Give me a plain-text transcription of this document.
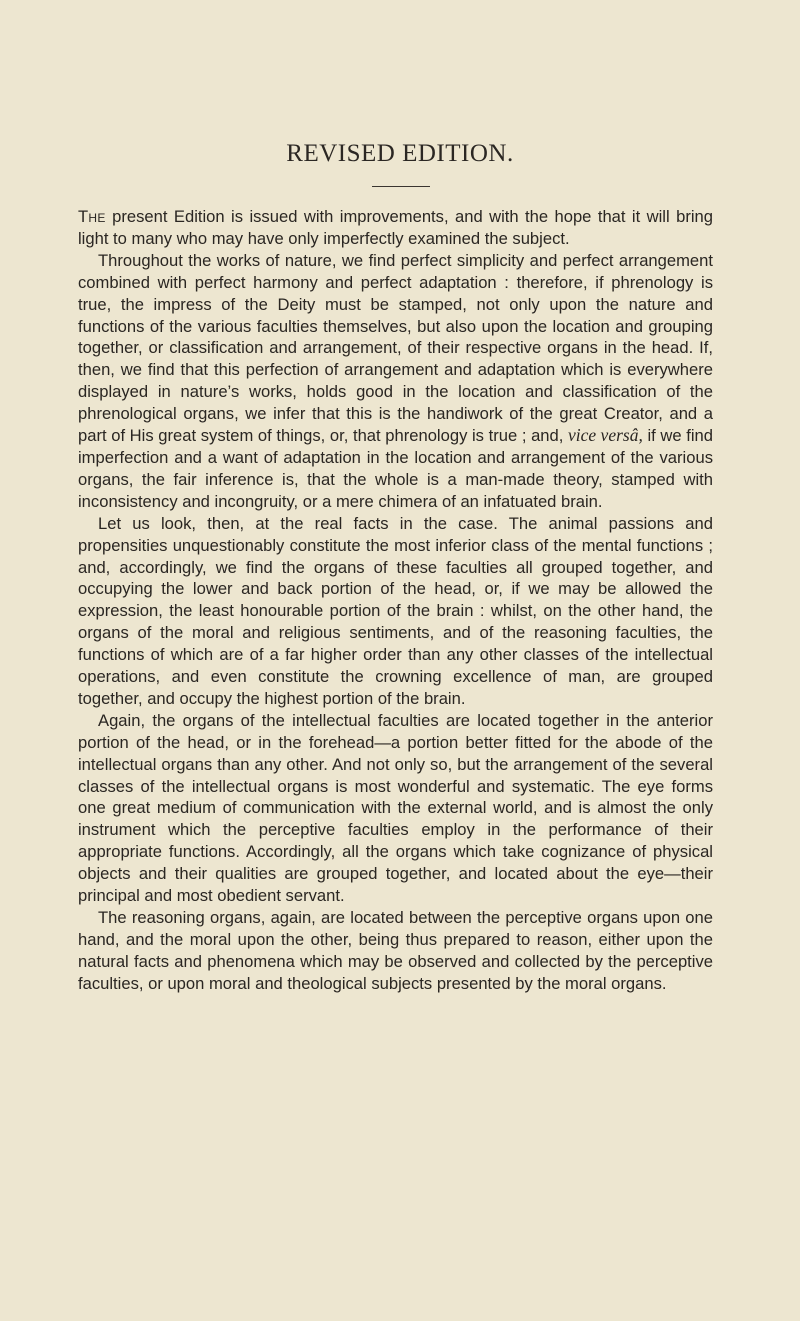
REVISED EDITION.

The present Edition is issued with improvements, and with the hope that it will bring light to many who may have only imperfectly examined the subject.

Throughout the works of nature, we find perfect simplicity and perfect arrangement combined with perfect harmony and perfect adaptation : therefore, if phrenology is true, the impress of the Deity must be stamped, not only upon the nature and functions of the various faculties themselves, but also upon the location and grouping together, or classification and arrangement, of their respective organs in the head. If, then, we find that this perfection of arrangement and adaptation which is everywhere displayed in nature’s works, holds good in the location and classification of the phrenological organs, we infer that this is the handiwork of the great Creator, and a part of His great system of things, or, that phrenology is true ; and, vice versâ, if we find imperfection and a want of adaptation in the location and arrangement of the various organs, the fair inference is, that the whole is a man-made theory, stamped with inconsistency and incongruity, or a mere chimera of an infatuated brain.

Let us look, then, at the real facts in the case. The animal passions and propensities unquestionably constitute the most inferior class of the mental functions ; and, accordingly, we find the organs of these faculties all grouped together, and occupying the lower and back portion of the head, or, if we may be allowed the expression, the least honourable portion of the brain : whilst, on the other hand, the organs of the moral and religious sentiments, and of the reasoning faculties, the functions of which are of a far higher order than any other classes of the intellectual operations, and even constitute the crowning excellence of man, are grouped together, and occupy the highest portion of the brain.

Again, the organs of the intellectual faculties are located together in the anterior portion of the head, or in the forehead—a portion better fitted for the abode of the intellectual organs than any other. And not only so, but the arrangement of the several classes of the intellectual organs is most wonderful and systematic. The eye forms one great medium of communication with the external world, and is almost the only instrument which the perceptive faculties employ in the performance of their appropriate functions. Accordingly, all the organs which take cognizance of physical objects and their qualities are grouped together, and located about the eye—their principal and most obedient servant.

The reasoning organs, again, are located between the perceptive organs upon one hand, and the moral upon the other, being thus prepared to reason, either upon the natural facts and phenomena which may be observed and collected by the perceptive faculties, or upon moral and theological subjects presented by the moral organs.
